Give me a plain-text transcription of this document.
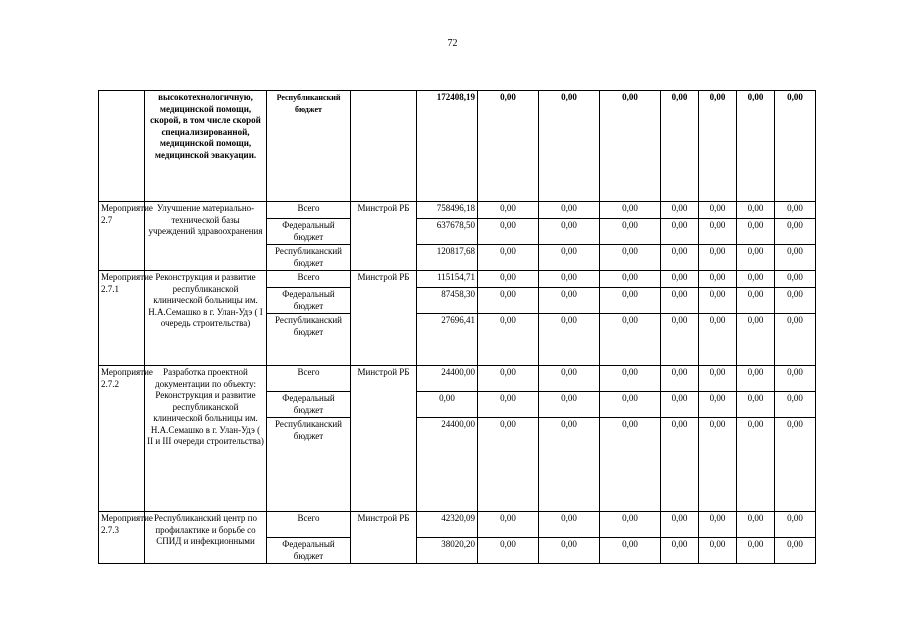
72
	высокотехнологичную, медицинской помощи, скорой, в том числе скорой специализированной, медицинской помощи, медицинской эвакуации.	Республиканский бюджет		172408,19	0,00	0,00	0,00	0,00	0,00	0,00	0,00
Мероприятие 2.7	Улучшение материально-технической базы учреждений здравоохранения	Всего	Минстрой РБ	758496,18	0,00	0,00	0,00	0,00	0,00	0,00	0,00
		Федеральный бюджет		637678,50	0,00	0,00	0,00	0,00	0,00	0,00	0,00
		Республиканский бюджет		120817,68	0,00	0,00	0,00	0,00	0,00	0,00	0,00
Мероприятие 2.7.1	Реконструкция и развитие республиканской клинической больницы им. Н.А.Семашко в г. Улан-Удэ ( I очередь строительства)	Всего	Минстрой РБ	115154,71	0,00	0,00	0,00	0,00	0,00	0,00	0,00
		Федеральный бюджет		87458,30	0,00	0,00	0,00	0,00	0,00	0,00	0,00
		Республиканский бюджет		27696,41	0,00	0,00	0,00	0,00	0,00	0,00	0,00
Мероприятие 2.7.2	Разработка проектной документации по объекту: Реконструкция и развитие республиканской клинической больницы им. Н.А.Семашко в г. Улан-Удэ ( II и III очереди строительства)	Всего	Минстрой РБ	24400,00	0,00	0,00	0,00	0,00	0,00	0,00	0,00
		Федеральный бюджет		0,00	0,00	0,00	0,00	0,00	0,00	0,00	0,00
		Республиканский бюджет		24400,00	0,00	0,00	0,00	0,00	0,00	0,00	0,00
Мероприятие 2.7.3	Республиканский центр по профилактике и борьбе со СПИД и инфекционными	Всего	Минстрой РБ	42320,09	0,00	0,00	0,00	0,00	0,00	0,00	0,00
		Федеральный бюджет		38020,20	0,00	0,00	0,00	0,00	0,00	0,00	0,00
